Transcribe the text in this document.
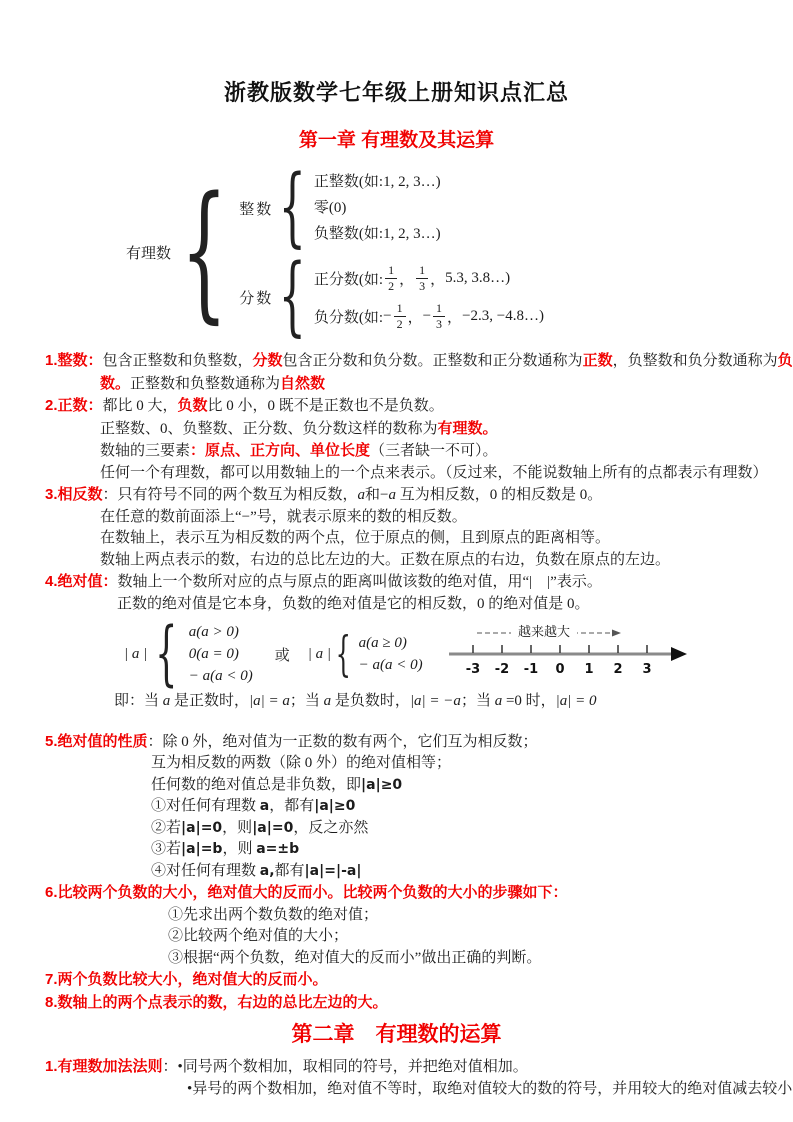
浙教版数学七年级上册知识点汇总
第一章 有理数及其运算
有理数
{
整数
{
正整数(如:1, 2, 3…)
零(0)
负整数(如:1, 2, 3…)
分数
{
正分数(如: $\frac{1}{2}$ ， $\frac{1}{3}$ ， 5.3, 3.8…)
负分数(如: − $\frac{1}{2}$ ， − $\frac{1}{3}$ ， −2.3, −4.8…)
1.整数：包含正整数和负整数，分数包含正分数和负分数。正整数和正分数通称为正数，负整数和负分数通称为负
数。正整数和负整数通称为自然数
2.正数：都比 0 大，负数比 0 小，0 既不是正数也不是负数。
正整数、0、负整数、正分数、负分数这样的数称为有理数。
数轴的三要素：原点、正方向、单位长度（三者缺一不可）。
任何一个有理数，都可以用数轴上的一个点来表示。（反过来，不能说数轴上所有的点都表示有理数）
3.相反数：只有符号不同的两个数互为相反数，a和−a 互为相反数，0 的相反数是 0。
在任意的数前面添上“−”号，就表示原来的数的相反数。
在数轴上，表示互为相反数的两个点，位于原点的侧，且到原点的距离相等。
数轴上两点表示的数，右边的总比左边的大。正数在原点的右边，负数在原点的左边。
4.绝对值：数轴上一个数所对应的点与原点的距离叫做该数的绝对值，用“|　|”表示。
正数的绝对值是它本身，负数的绝对值是它的相反数，0 的绝对值是 0。
| a |
{
a(a > 0)
0(a = 0)
− a(a < 0)
或 | a |
{
a(a ≥ 0)
− a(a < 0)
越来越大
-3 -2 -1 0 1 2 3
即：当 a 是正数时，|a| = a；当 a 是负数时，|a| = −a；当 a =0 时，|a| = 0
5.绝对值的性质：除 0 外，绝对值为一正数的数有两个，它们互为相反数；
互为相反数的两数（除 0 外）的绝对值相等；
任何数的绝对值总是非负数，即|a|≥0
①对任何有理数 a，都有|a|≥0
②若|a|=0，则|a|=0，反之亦然
③若|a|=b，则 a=±b
④对任何有理数 a,都有|a|=|-a|
6.比较两个负数的大小，绝对值大的反而小。比较两个负数的大小的步骤如下：
①先求出两个数负数的绝对值；
②比较两个绝对值的大小；
③根据“两个负数，绝对值大的反而小”做出正确的判断。
7.两个负数比较大小，绝对值大的反而小。
8.数轴上的两个点表示的数，右边的总比左边的大。
第二章　有理数的运算
1.有理数加法法则：•同号两个数相加，取相同的符号，并把绝对值相加。
•异号的两个数相加，绝对值不等时，取绝对值较大的数的符号，并用较大的绝对值减去较小
